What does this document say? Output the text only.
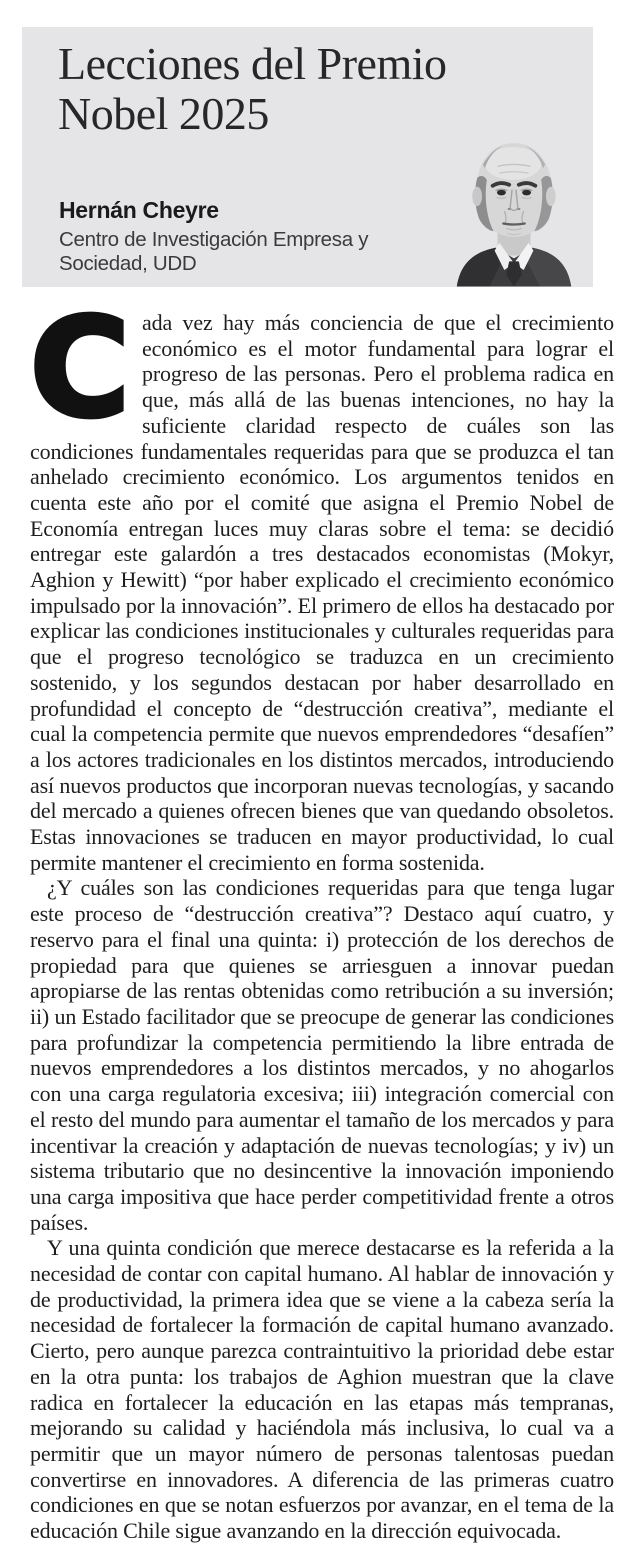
Lecciones del Premio
Nobel 2025
Hernán Cheyre
Centro de Investigación Empresa y
Sociedad, UDD

Cada vez hay más conciencia de que el crecimiento económico es el motor fundamental para lograr el progreso de las personas. Pero el problema radica en que, más allá de las buenas intenciones, no hay la suficiente claridad respecto de cuáles son las condiciones fundamentales requeridas para que se produzca el tan anhelado crecimiento económico. Los argumentos tenidos en cuenta este año por el comité que asigna el Premio Nobel de Economía entregan luces muy claras sobre el tema: se decidió entregar este galardón a tres destacados economistas (Mokyr, Aghion y Hewitt) “por haber explicado el crecimiento económico impulsado por la innovación”. El primero de ellos ha destacado por explicar las condiciones institucionales y culturales requeridas para que el progreso tecnológico se traduzca en un crecimiento sostenido, y los segundos destacan por haber desarrollado en profundidad el concepto de “destrucción creativa”, mediante el cual la competencia permite que nuevos emprendedores “desafíen” a los actores tradicionales en los distintos mercados, introduciendo así nuevos productos que incorporan nuevas tecnologías, y sacando del mercado a quienes ofrecen bienes que van quedando obsoletos. Estas innovaciones se traducen en mayor productividad, lo cual permite mantener el crecimiento en forma sostenida.

¿Y cuáles son las condiciones requeridas para que tenga lugar este proceso de “destrucción creativa”? Destaco aquí cuatro, y reservo para el final una quinta: i) protección de los derechos de propiedad para que quienes se arriesguen a innovar puedan apropiarse de las rentas obtenidas como retribución a su inversión; ii) un Estado facilitador que se preocupe de generar las condiciones para profundizar la competencia permitiendo la libre entrada de nuevos emprendedores a los distintos mercados, y no ahogarlos con una carga regulatoria excesiva; iii) integración comercial con el resto del mundo para aumentar el tamaño de los mercados y para incentivar la creación y adaptación de nuevas tecnologías; y iv) un sistema tributario que no desincentive la innovación imponiendo una carga impositiva que hace perder competitividad frente a otros países.

Y una quinta condición que merece destacarse es la referida a la necesidad de contar con capital humano. Al hablar de innovación y de productividad, la primera idea que se viene a la cabeza sería la necesidad de fortalecer la formación de capital humano avanzado. Cierto, pero aunque parezca contraintuitivo la prioridad debe estar en la otra punta: los trabajos de Aghion muestran que la clave radica en fortalecer la educación en las etapas más tempranas, mejorando su calidad y haciéndola más inclusiva, lo cual va a permitir que un mayor número de personas talentosas puedan convertirse en innovadores. A diferencia de las primeras cuatro condiciones en que se notan esfuerzos por avanzar, en el tema de la educación Chile sigue avanzando en la dirección equivocada.
